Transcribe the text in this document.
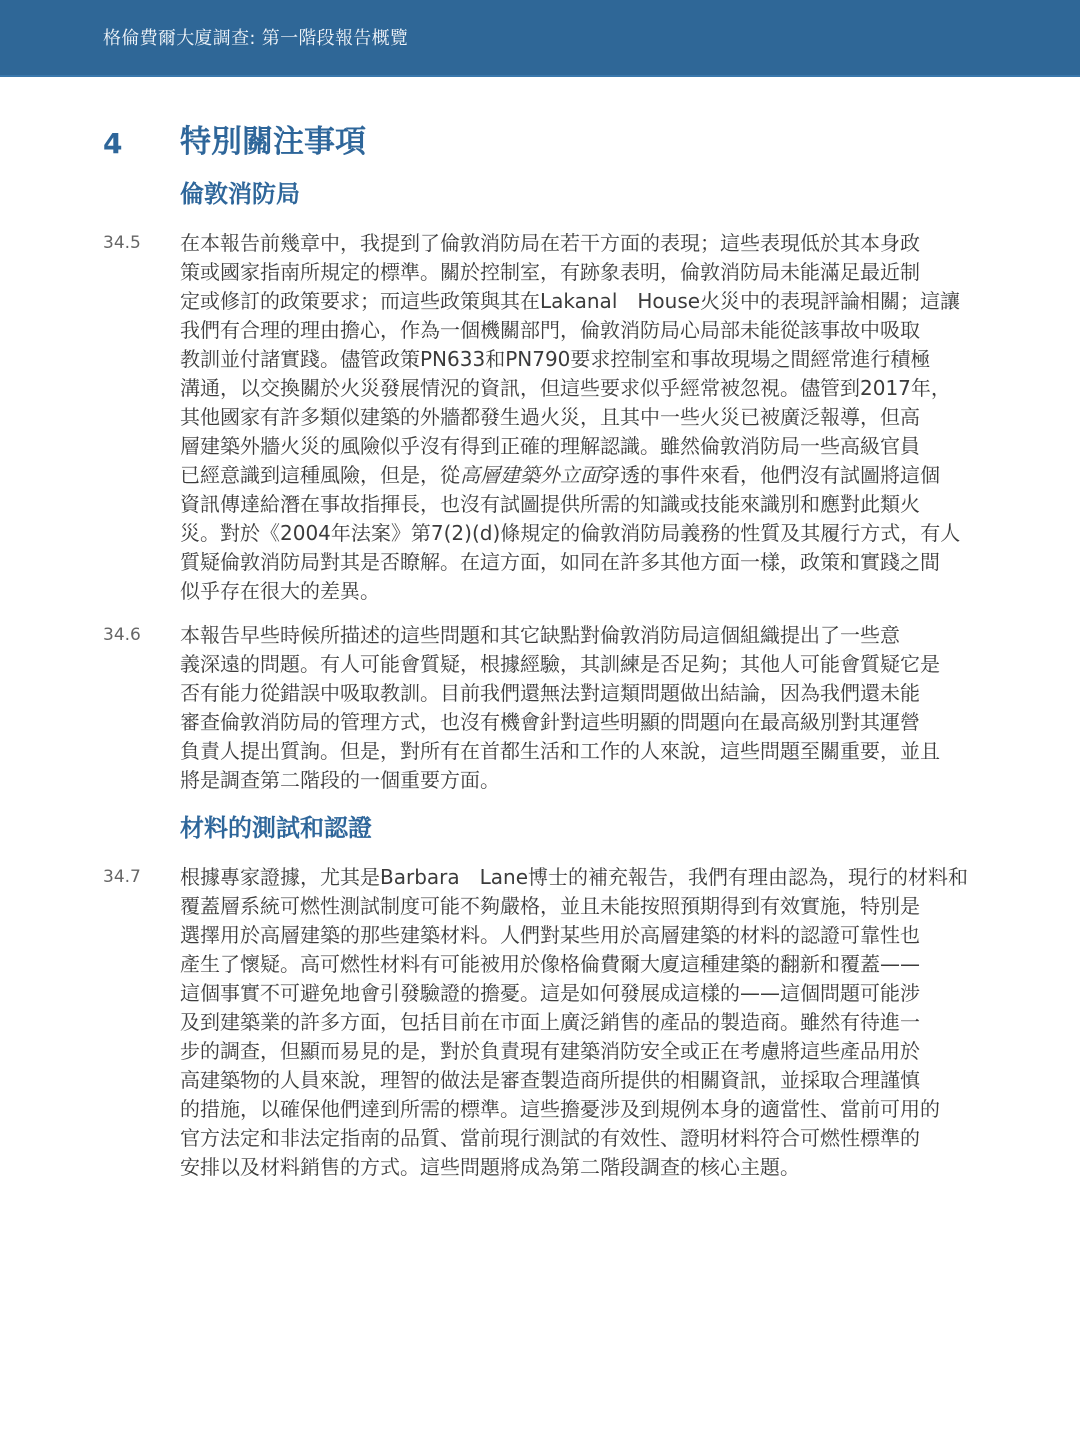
格倫費爾大廈調查: 第一階段報告概覽
4 特別關注事項
倫敦消防局
34.5 在本報告前幾章中，我提到了倫敦消防局在若干方面的表現；這些表現低於其本身政
策或國家指南所規定的標準。關於控制室，有跡象表明，倫敦消防局未能滿足最近制
定或修訂的政策要求；而這些政策與其在Lakanal　House火災中的表現評論相關；這讓
我們有合理的理由擔心，作為一個機關部門，倫敦消防局心局部未能從該事故中吸取
教訓並付諸實踐。儘管政策PN633和PN790要求控制室和事故現場之間經常進行積極
溝通，以交換關於火災發展情況的資訊，但這些要求似乎經常被忽視。儘管到2017年，
其他國家有許多類似建築的外牆都發生過火災，且其中一些火災已被廣泛報導，但高
層建築外牆火災的風險似乎沒有得到正確的理解認識。雖然倫敦消防局一些高級官員
已經意識到這種風險，但是，從高層建築外立面穿透的事件來看，他們沒有試圖將這個
資訊傳達給潛在事故指揮長，也沒有試圖提供所需的知識或技能來識別和應對此類火
災。對於《2004年法案》第7(2)(d)條規定的倫敦消防局義務的性質及其履行方式，有人
質疑倫敦消防局對其是否瞭解。在這方面，如同在許多其他方面一樣，政策和實踐之間
似乎存在很大的差異。
34.6 本報告早些時候所描述的這些問題和其它缺點對倫敦消防局這個組織提出了一些意
義深遠的問題。有人可能會質疑，根據經驗，其訓練是否足夠；其他人可能會質疑它是
否有能力從錯誤中吸取教訓。目前我們還無法對這類問題做出結論，因為我們還未能
審查倫敦消防局的管理方式，也沒有機會針對這些明顯的問題向在最高級別對其運營
負責人提出質詢。但是，對所有在首都生活和工作的人來說，這些問題至關重要，並且
將是調查第二階段的一個重要方面。
材料的測試和認證
34.7 根據專家證據，尤其是Barbara　Lane博士的補充報告，我們有理由認為，現行的材料和
覆蓋層系統可燃性測試制度可能不夠嚴格，並且未能按照預期得到有效實施，特別是
選擇用於高層建築的那些建築材料。人們對某些用於高層建築的材料的認證可靠性也
產生了懷疑。高可燃性材料有可能被用於像格倫費爾大廈這種建築的翻新和覆蓋——
這個事實不可避免地會引發驗證的擔憂。這是如何發展成這樣的——這個問題可能涉
及到建築業的許多方面，包括目前在市面上廣泛銷售的產品的製造商。雖然有待進一
步的調查，但顯而易見的是，對於負責現有建築消防安全或正在考慮將這些產品用於
高建築物的人員來說，理智的做法是審查製造商所提供的相關資訊，並採取合理謹慎
的措施，以確保他們達到所需的標準。這些擔憂涉及到規例本身的適當性、當前可用的
官方法定和非法定指南的品質、當前現行測試的有效性、證明材料符合可燃性標準的
安排以及材料銷售的方式。這些問題將成為第二階段調查的核心主題。
